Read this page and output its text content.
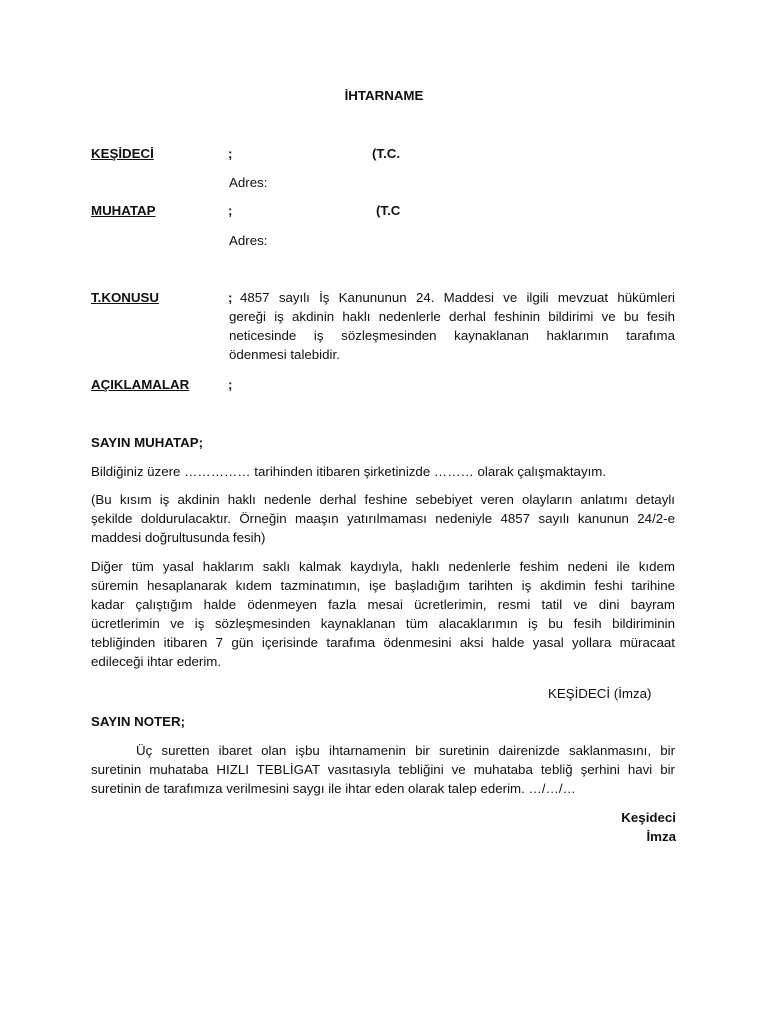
İHTARNAME
KEŞİDECİ	;	(T.C.
Adres:
MUHATAP	;	(T.C
Adres:
T.KONUSU	; 4857 sayılı İş Kanununun 24. Maddesi ve ilgili mevzuat hükümleri
gereği iş akdinin haklı nedenlerle derhal feshinin bildirimi ve bu fesih
neticesinde iş sözleşmesinden kaynaklanan haklarımın tarafıma
ödenmesi talebidir.
AÇIKLAMALAR	;
SAYIN MUHATAP;
Bildiğiniz üzere …………… tarihinden itibaren şirketinizde ……… olarak çalışmaktayım.
(Bu kısım iş akdinin haklı nedenle derhal feshine sebebiyet veren olayların anlatımı detaylı
şekilde doldurulacaktır. Örneğin maaşın yatırılmaması nedeniyle 4857 sayılı kanunun 24/2-e
maddesi doğrultusunda fesih)
Diğer tüm yasal haklarım saklı kalmak kaydıyla, haklı nedenlerle feshim nedeni ile kıdem
süremin hesaplanarak kıdem tazminatımın, işe başladığım tarihten iş akdimin feshi tarihine
kadar çalıştığım halde ödenmeyen fazla mesai ücretlerimin, resmi tatil ve dini bayram
ücretlerimin ve iş sözleşmesinden kaynaklanan tüm alacaklarımın iş bu fesih bildiriminin
tebliğinden itibaren 7 gün içerisinde tarafıma ödenmesini aksi halde yasal yollara müracaat
edileceği ihtar ederim.
KEŞİDECİ (İmza)
SAYIN NOTER;
Üç suretten ibaret olan işbu ihtarnamenin bir suretinin dairenizde saklanmasını, bir
suretinin muhataba HIZLI TEBLİGAT vasıtasıyla tebliğini ve muhataba tebliğ şerhini havi bir
suretinin de tarafımıza verilmesini saygı ile ihtar eden olarak talep ederim. …/…/…
Keşideci
İmza
